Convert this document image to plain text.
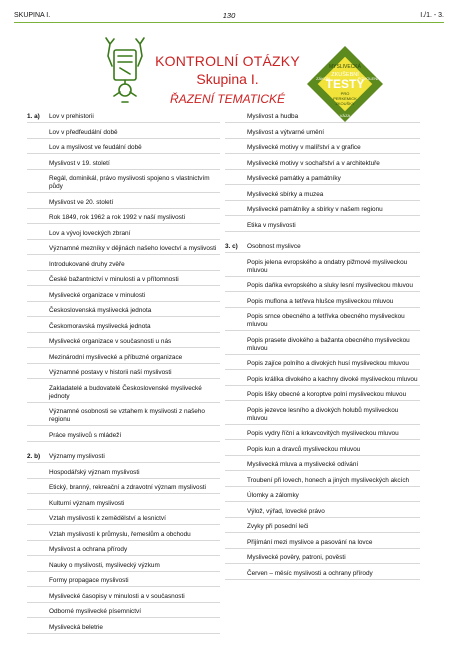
SKUPINA I.	130	I./1. - 3.
KONTROLNÍ OTÁZKY
Skupina I.
ŘAZENÍ TEMATICKÉ
MYSLIVECKÁ
ZKUŠEBNÍ
TESTY
PRO
PERKEMICK
ZKOUŠKY
ZÁKON	POVOLENÍ
VÁZA
1. a) Lov v prehistorii
Lov v předfeudální době
Lov a myslivost ve feudální době
Myslivost v 19. století
Regál, dominikál, právo myslivosti spojeno s vlastnictvím půdy
Myslivost ve 20. století
Rok 1849, rok 1962 a rok 1992 v naší myslivosti
Lov a vývoj loveckých zbraní
Významné mezníky v dějinách našeho lovectví a myslivosti
Introdukované druhy zvěře
České bažantnictví v minulosti a v přítomnosti
Myslivecké organizace v minulosti
Československá myslivecká jednota
Českomoravská myslivecká jednota
Myslivecké organizace v současnosti u nás
Mezinárodní myslivecké a příbuzné organizace
Významné postavy v historii naší myslivosti
Zakladatelé a budovatelé Československé myslivecké jednoty
Významné osobnosti se vztahem k myslivosti z našeho regionu
Práce myslivců s mládeží
2. b) Významy myslivosti
Hospodářský význam myslivosti
Etický, branný, rekreační a zdravotní význam myslivosti
Kulturní význam myslivosti
Vztah myslivosti k zemědělství a lesnictví
Vztah myslivosti k průmyslu, řemeslům a obchodu
Myslivost a ochrana přírody
Nauky o myslivosti, myslivecký výzkum
Formy propagace myslivosti
Myslivecké časopisy v minulosti a v současnosti
Odborné myslivecké písemnictví
Myslivecká beletrie
Myslivost a hudba
Myslivost a výtvarné umění
Myslivecké motivy v malířství a v grafice
Myslivecké motivy v sochařství a v architektuře
Myslivecké památky a památníky
Myslivecké sbírky a muzea
Myslivecké památníky a sbírky v našem regionu
Etika v myslivosti
3. c) Osobnost myslivce
Popis jelena evropského a ondatry pižmové mysliveckou mluvou
Popis daňka evropského a sluky lesní mysliveckou mluvou
Popis muflona a tetřeva hlušce mysliveckou mluvou
Popis srnce obecného a tetřívka obecného mysliveckou mluvou
Popis prasete divokého a bažanta obecného mysliveckou mluvou
Popis zajíce polního a divokých husí mysliveckou mluvou
Popis králíka divokého a kachny divoké mysliveckou mluvou
Popis lišky obecné a koroptve polní mysliveckou mluvou
Popis jezevce lesního a divokých holubů mysliveckou mluvou
Popis vydry říční a krkavcovitých mysliveckou mluvou
Popis kun a dravců mysliveckou mluvou
Myslivecká mluva a myslivecké odívání
Troubení při lovech, honech a jiných mysliveckých akcích
Úlomky a zálomky
Výlož, výřad, lovecké právo
Zvyky při posední leči
Přijímání mezi myslivce a pasování na lovce
Myslivecké pověry, patroni, pověsti
Červen – měsíc myslivosti a ochrany přírody
